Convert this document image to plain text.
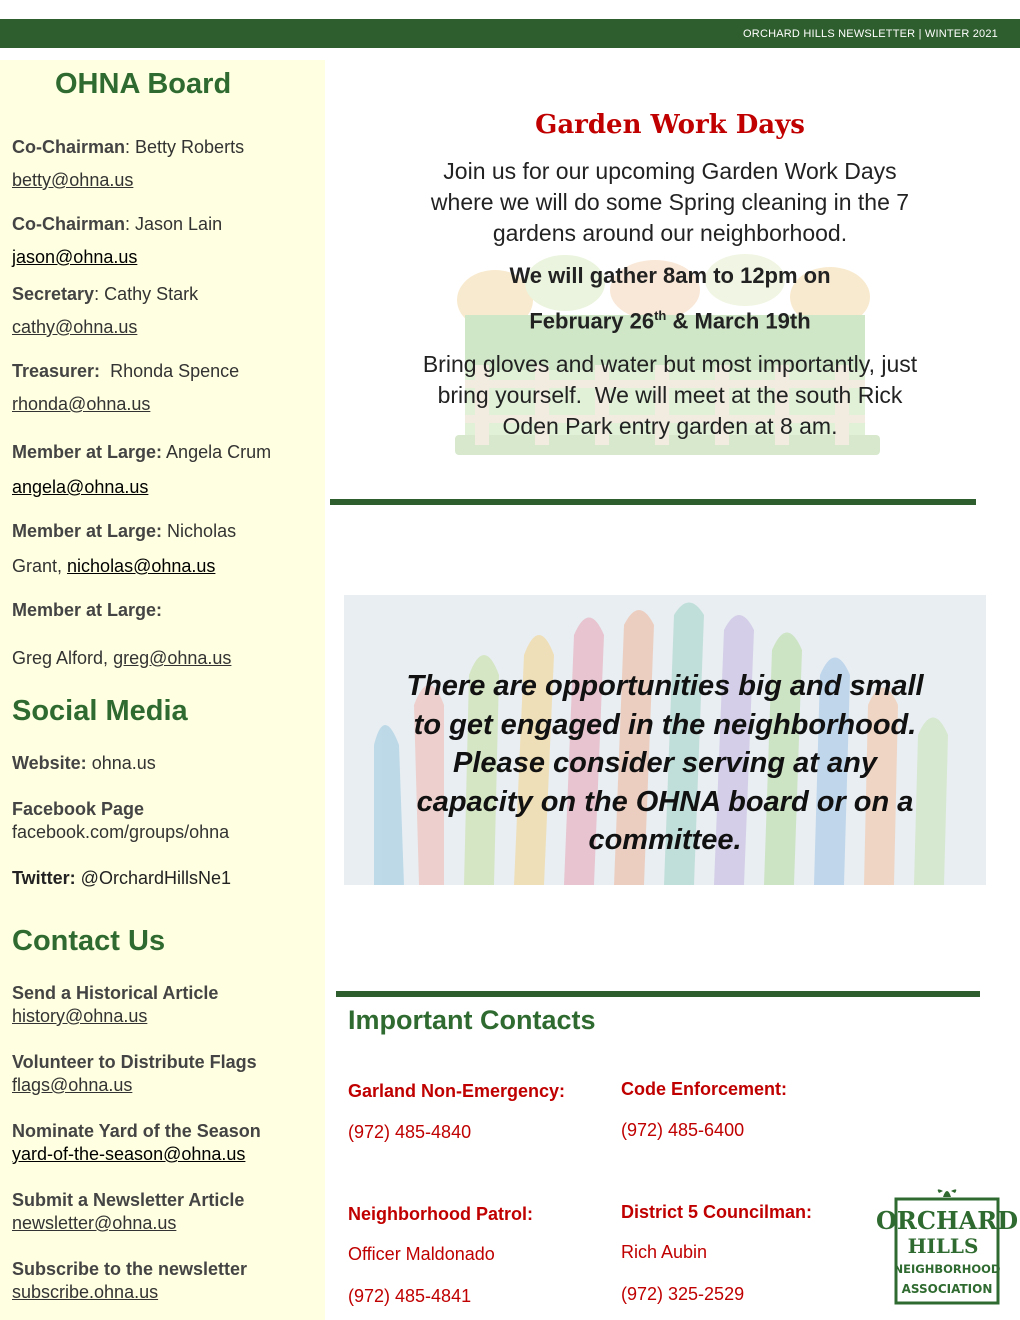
ORCHARD HILLS NEWSLETTER | WINTER 2021
OHNA Board
Co-Chairman: Betty Roberts
betty@ohna.us
Co-Chairman: Jason Lain
jason@ohna.us
Secretary: Cathy Stark
cathy@ohna.us
Treasurer:  Rhonda Spence
rhonda@ohna.us
Member at Large: Angela Crum
angela@ohna.us
Member at Large: Nicholas
Grant, nicholas@ohna.us
Member at Large:
Greg Alford, greg@ohna.us
Social Media
Website: ohna.us
Facebook Page
facebook.com/groups/ohna
Twitter: @OrchardHillsNe1
Contact Us
Send a Historical Article
history@ohna.us
Volunteer to Distribute Flags
flags@ohna.us
Nominate Yard of the Season
yard-of-the-season@ohna.us
Submit a Newsletter Article
newsletter@ohna.us
Subscribe to the newsletter
subscribe.ohna.us
Garden Work Days
Join us for our upcoming Garden Work Days
where we will do some Spring cleaning in the 7
gardens around our neighborhood.
We will gather 8am to 12pm on
February 26th & March 19th
Bring gloves and water but most importantly, just
bring yourself.  We will meet at the south Rick
Oden Park entry garden at 8 am.
There are opportunities big and small
to get engaged in the neighborhood.
Please consider serving at any
capacity on the OHNA board or on a
committee.
Important Contacts
Garland Non-Emergency:
(972) 485-4840
Code Enforcement:
(972) 485-6400
Neighborhood Patrol:
Officer Maldonado
(972) 485-4841
District 5 Councilman:
Rich Aubin
(972) 325-2529
ORCHARD
HILLS
NEIGHBORHOOD
ASSOCIATION
